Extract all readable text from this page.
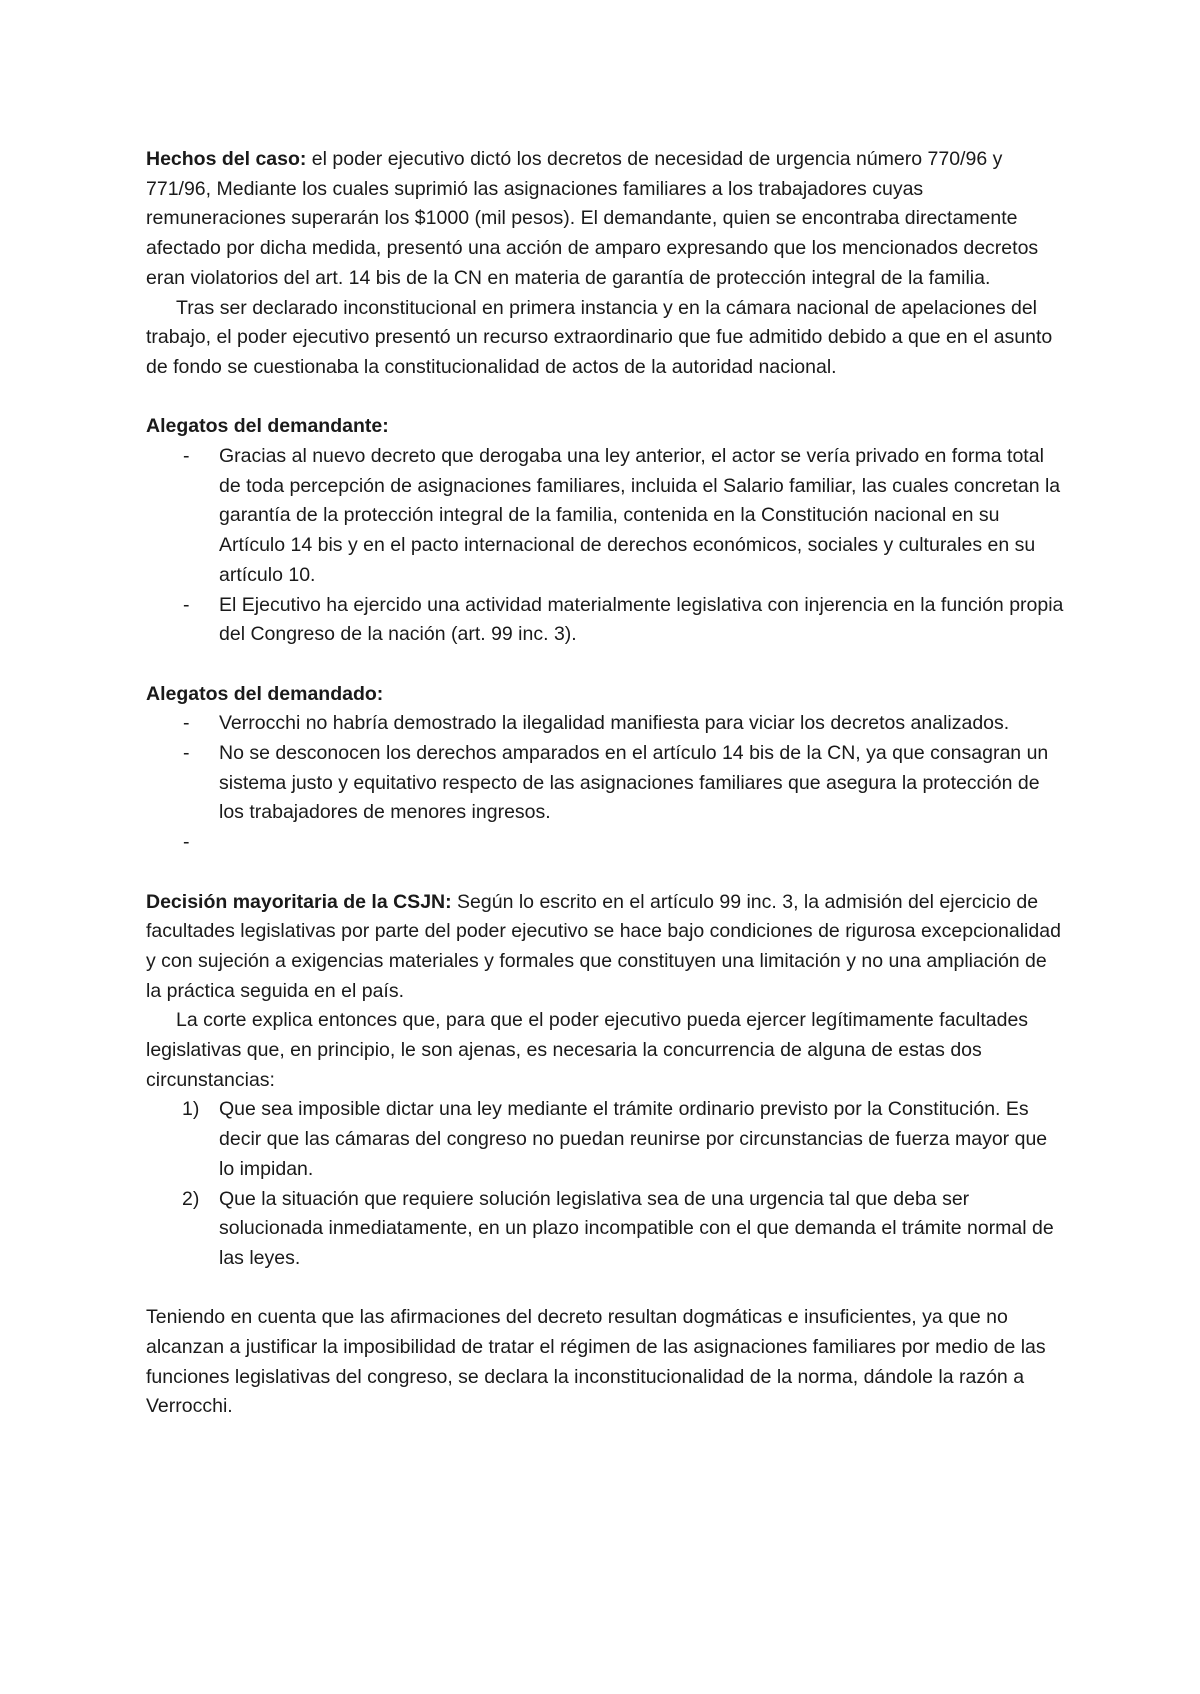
Hechos del caso: el poder ejecutivo dictó los decretos de necesidad de urgencia número 770/96 y 771/96, Mediante los cuales suprimió las asignaciones familiares a los trabajadores cuyas remuneraciones superarán los $1000 (mil pesos). El demandante, quien se encontraba directamente afectado por dicha medida, presentó una acción de amparo expresando que los mencionados decretos eran violatorios del art. 14 bis de la CN en materia de garantía de protección integral de la familia.

Tras ser declarado inconstitucional en primera instancia y en la cámara nacional de apelaciones del trabajo, el poder ejecutivo presentó un recurso extraordinario que fue admitido debido a que en el asunto de fondo se cuestionaba la constitucionalidad de actos de la autoridad nacional.

Alegatos del demandante:

- Gracias al nuevo decreto que derogaba una ley anterior, el actor se vería privado en forma total de toda percepción de asignaciones familiares, incluida el Salario familiar, las cuales concretan la garantía de la protección integral de la familia, contenida en la Constitución nacional en su Artículo 14 bis y en el pacto internacional de derechos económicos, sociales y culturales en su artículo 10.
- El Ejecutivo ha ejercido una actividad materialmente legislativa con injerencia en la función propia del Congreso de la nación (art. 99 inc. 3).

Alegatos del demandado:

- Verrocchi no habría demostrado la ilegalidad manifiesta para viciar los decretos analizados.
- No se desconocen los derechos amparados en el artículo 14 bis de la CN, ya que consagran un sistema justo y equitativo respecto de las asignaciones familiares que asegura la protección de los trabajadores de menores ingresos.
-

Decisión mayoritaria de la CSJN: Según lo escrito en el artículo 99 inc. 3, la admisión del ejercicio de facultades legislativas por parte del poder ejecutivo se hace bajo condiciones de rigurosa excepcionalidad y con sujeción a exigencias materiales y formales que constituyen una limitación y no una ampliación de la práctica seguida en el país.

La corte explica entonces que, para que el poder ejecutivo pueda ejercer legítimamente facultades legislativas que, en principio, le son ajenas, es necesaria la concurrencia de alguna de estas dos circunstancias:

1) Que sea imposible dictar una ley mediante el trámite ordinario previsto por la Constitución. Es decir que las cámaras del congreso no puedan reunirse por circunstancias de fuerza mayor que lo impidan.
2) Que la situación que requiere solución legislativa sea de una urgencia tal que deba ser solucionada inmediatamente, en un plazo incompatible con el que demanda el trámite normal de las leyes.

Teniendo en cuenta que las afirmaciones del decreto resultan dogmáticas e insuficientes, ya que no alcanzan a justificar la imposibilidad de tratar el régimen de las asignaciones familiares por medio de las funciones legislativas del congreso, se declara la inconstitucionalidad de la norma, dándole la razón a Verrocchi.
